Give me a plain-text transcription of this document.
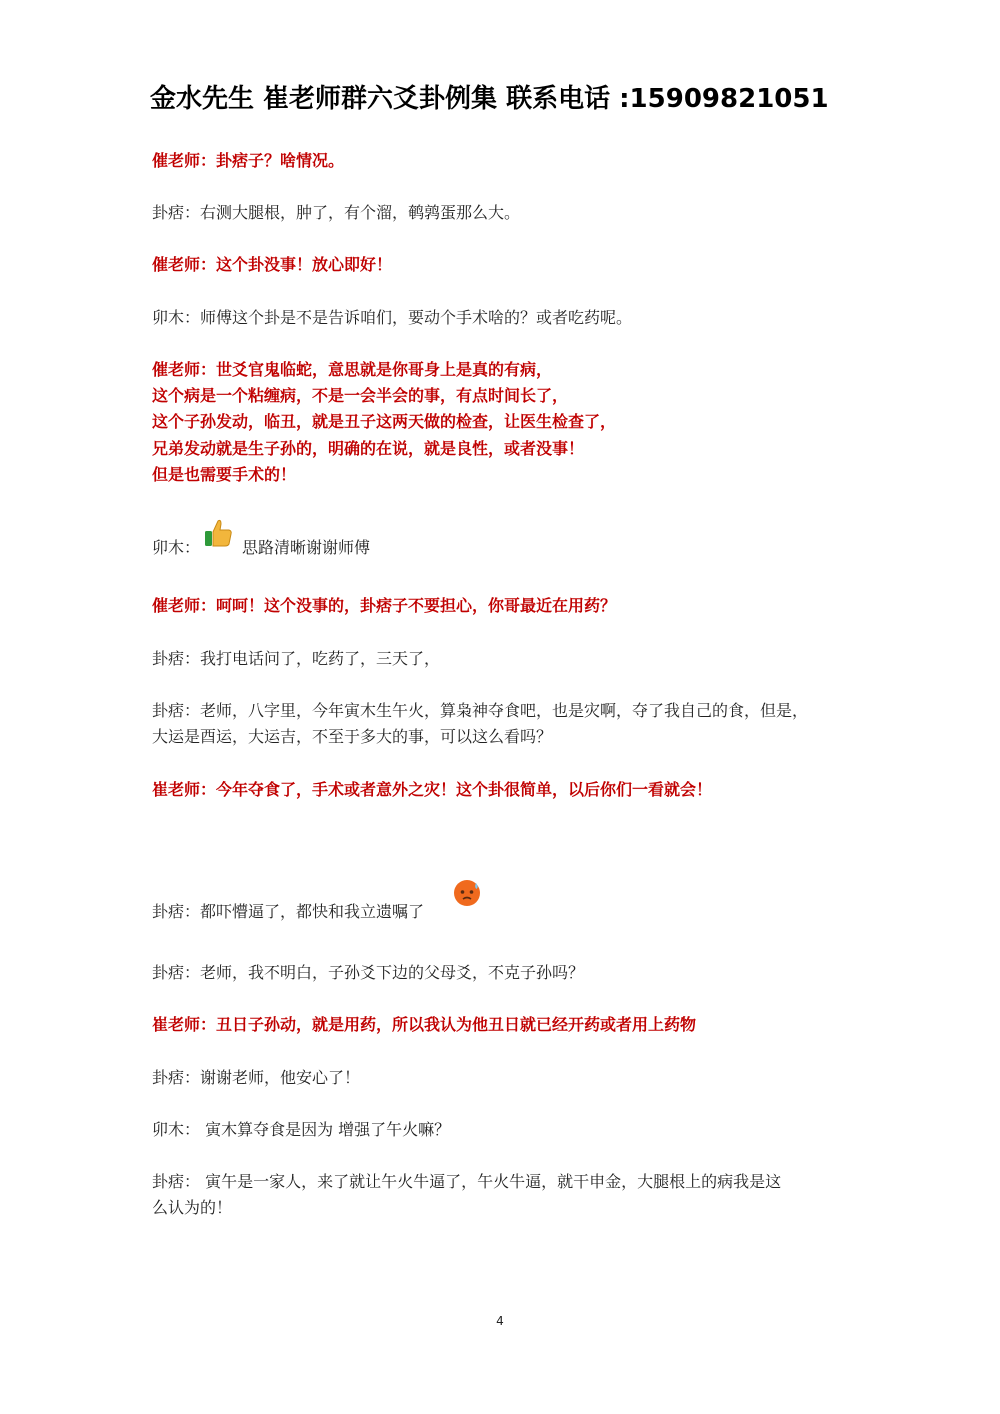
金水先生 崔老师群六爻卦例集 联系电话 :15909821051
催老师：卦痞子？啥情况。
卦痞：右测大腿根，肿了，有个溜，鹌鹑蛋那么大。
催老师：这个卦没事！放心即好！
卯木：师傅这个卦是不是告诉咱们，要动个手术啥的？或者吃药呢。
催老师：世爻官鬼临蛇，意思就是你哥身上是真的有病，
这个病是一个粘缠病，不是一会半会的事，有点时间长了，
这个子孙发动，临丑，就是丑子这两天做的检查，让医生检查了，
兄弟发动就是生子孙的，明确的在说，就是良性，或者没事！
但是也需要手术的！
卯木：	思路清晰谢谢师傅
催老师：呵呵！这个没事的，卦痞子不要担心，你哥最近在用药？
卦痞：我打电话问了，吃药了，三天了，
卦痞：老师，八字里，今年寅木生午火，算枭神夺食吧，也是灾啊，夺了我自己的食，但是，
大运是酉运，大运吉，不至于多大的事，可以这么看吗？
崔老师：今年夺食了，手术或者意外之灾！这个卦很简单，以后你们一看就会！
卦痞：都吓懵逼了，都快和我立遗嘱了
卦痞：老师，我不明白，子孙爻下边的父母爻，不克子孙吗？
崔老师：丑日子孙动，就是用药，所以我认为他丑日就已经开药或者用上药物
卦痞：谢谢老师，他安心了！
卯木： 寅木算夺食是因为 增强了午火嘛？
卦痞： 寅午是一家人，来了就让午火牛逼了，午火牛逼，就干申金，大腿根上的病我是这
么认为的！
4
